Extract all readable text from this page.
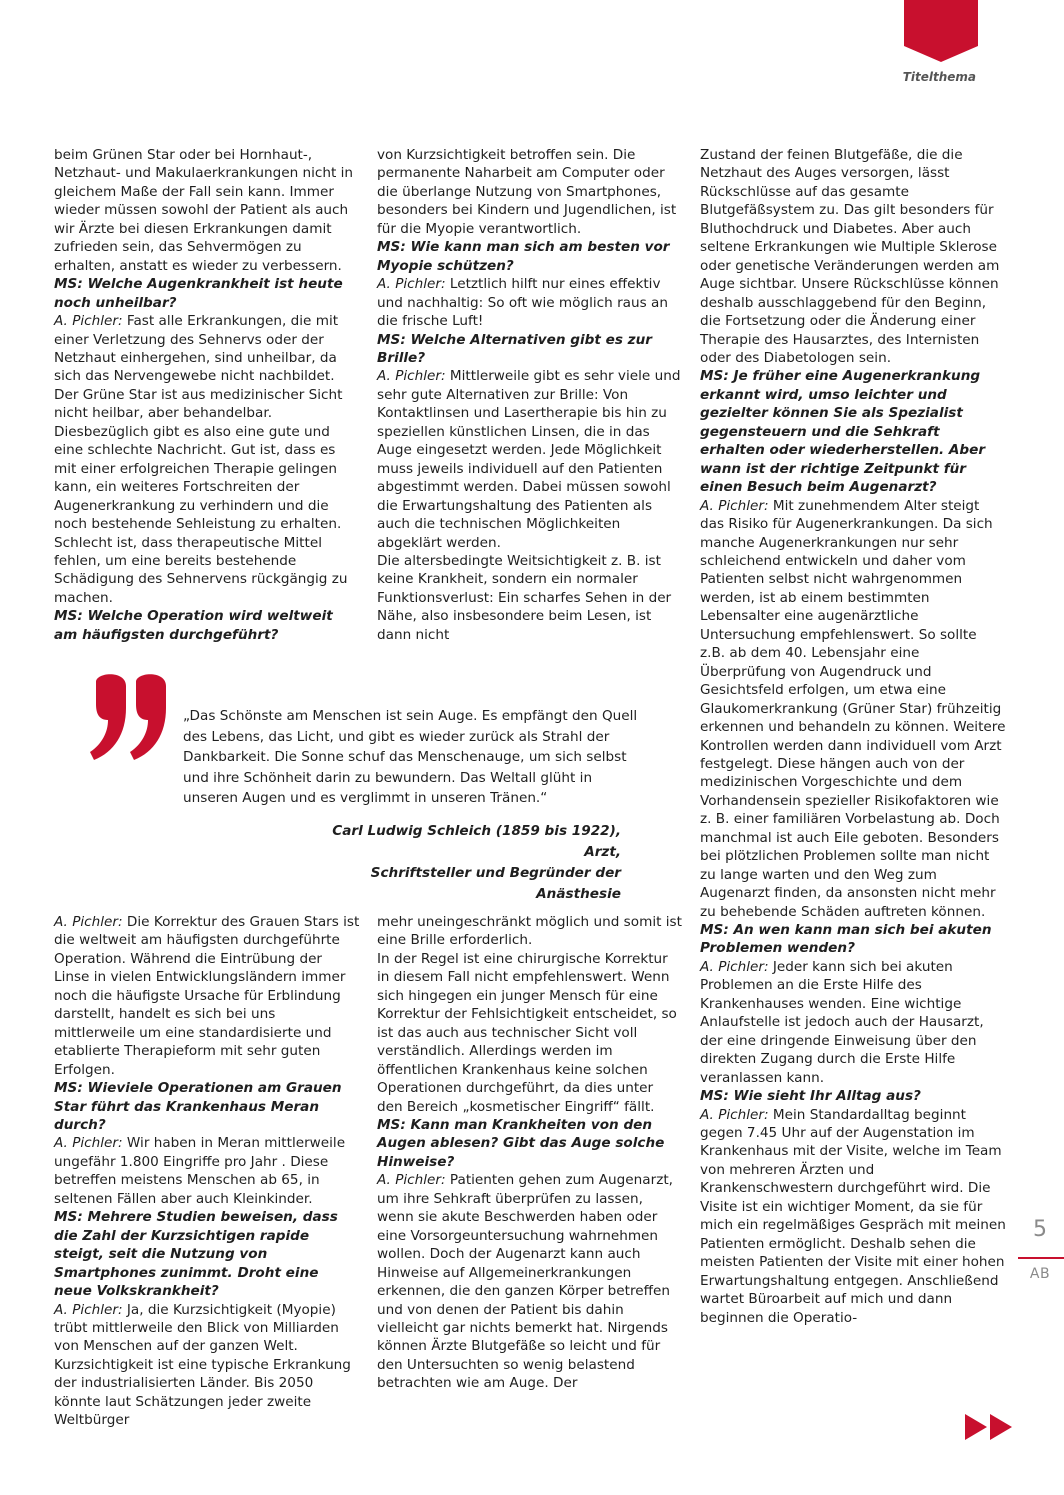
Titelthema

beim Grünen Star oder bei Hornhaut-, Netzhaut- und Makulaerkrankungen nicht in gleichem Maße der Fall sein kann. Immer wieder müssen sowohl der Patient als auch wir Ärzte bei diesen Erkrankungen damit zufrieden sein, das Sehvermögen zu erhalten, anstatt es wieder zu verbessern.

MS: Welche Augenkrankheit ist heute noch unheilbar?

A. Pichler: Fast alle Erkrankungen, die mit einer Verletzung des Sehnervs oder der Netzhaut einhergehen, sind unheilbar, da sich das Nervengewebe nicht nachbildet. Der Grüne Star ist aus medizinischer Sicht nicht heilbar, aber behandelbar. Diesbezüglich gibt es also eine gute und eine schlechte Nachricht. Gut ist, dass es mit einer erfolgreichen Therapie gelingen kann, ein weiteres Fortschreiten der Augenerkrankung zu verhindern und die noch bestehende Sehleistung zu erhalten. Schlecht ist, dass therapeutische Mittel fehlen, um eine bereits bestehende Schädigung des Sehnervens rückgängig zu machen.

MS: Welche Operation wird weltweit am häufigsten durchgeführt?

von Kurzsichtigkeit betroffen sein. Die permanente Naharbeit am Computer oder die überlange Nutzung von Smartphones, besonders bei Kindern und Jugendlichen, ist für die Myopie verantwortlich.

MS: Wie kann man sich am besten vor Myopie schützen?

A. Pichler: Letztlich hilft nur eines effektiv und nachhaltig: So oft wie möglich raus an die frische Luft!

MS: Welche Alternativen gibt es zur Brille?

A. Pichler: Mittlerweile gibt es sehr viele und sehr gute Alternativen zur Brille: Von Kontaktlinsen und Lasertherapie bis hin zu speziellen künstlichen Linsen, die in das Auge eingesetzt werden. Jede Möglichkeit muss jeweils individuell auf den Patienten abgestimmt werden. Dabei müssen sowohl die Erwartungshaltung des Patienten als auch die technischen Möglichkeiten abgeklärt werden.

Die altersbedingte Weitsichtigkeit z. B. ist keine Krankheit, sondern ein normaler Funktionsverlust: Ein scharfes Sehen in der Nähe, also insbesondere beim Lesen, ist dann nicht

Zustand der feinen Blutgefäße, die die Netzhaut des Auges versorgen, lässt Rückschlüsse auf das gesamte Blutgefäßsystem zu. Das gilt besonders für Bluthochdruck und Diabetes. Aber auch seltene Erkrankungen wie Multiple Sklerose oder genetische Veränderungen werden am Auge sichtbar. Unsere Rückschlüsse können deshalb ausschlaggebend für den Beginn, die Fortsetzung oder die Änderung einer Therapie des Hausarztes, des Internisten oder des Diabetologen sein.

MS: Je früher eine Augenerkrankung erkannt wird, umso leichter und gezielter können Sie als Spezialist gegensteuern und die Sehkraft erhalten oder wiederherstellen. Aber wann ist der richtige Zeitpunkt für einen Besuch beim Augenarzt?

A. Pichler: Mit zunehmendem Alter steigt das Risiko für Augenerkrankungen. Da sich manche Augenerkrankungen nur sehr schleichend entwickeln und daher vom Patienten selbst nicht wahrgenommen werden, ist ab einem bestimmten Lebensalter eine augenärztliche Untersuchung empfehlenswert. So sollte z.B. ab dem 40. Lebensjahr eine Überprüfung von Augendruck und Gesichtsfeld erfolgen, um etwa eine Glaukomerkrankung (Grüner Star) frühzeitig erkennen und behandeln zu können. Weitere Kontrollen werden dann individuell vom Arzt festgelegt. Diese hängen auch von der medizinischen Vorgeschichte und dem Vorhandensein spezieller Risikofaktoren wie z. B. einer familiären Vorbelastung ab. Doch manchmal ist auch Eile geboten. Besonders bei plötzlichen Problemen sollte man nicht zu lange warten und den Weg zum Augenarzt finden, da ansonsten nicht mehr zu behebende Schäden auftreten können.

MS: An wen kann man sich bei akuten Problemen wenden?

A. Pichler: Jeder kann sich bei akuten Problemen an die Erste Hilfe des Krankenhauses wenden. Eine wichtige Anlaufstelle ist jedoch auch der Hausarzt, der eine dringende Einweisung über den direkten Zugang durch die Erste Hilfe veranlassen kann.

MS: Wie sieht Ihr Alltag aus?

A. Pichler: Mein Standardalltag beginnt gegen 7.45 Uhr auf der Augenstation im Krankenhaus mit der Visite, welche im Team von mehreren Ärzten und Krankenschwestern durchgeführt wird. Die Visite ist ein wichtiger Moment, da sie für mich ein regelmäßiges Gespräch mit meinen Patienten ermöglicht. Deshalb sehen die meisten Patienten der Visite mit einer hohen Erwartungshaltung entgegen. Anschließend wartet Büroarbeit auf mich und dann beginnen die Operatio-

„Das Schönste am Menschen ist sein Auge. Es empfängt den Quell des Lebens, das Licht, und gibt es wieder zurück als Strahl der Dankbarkeit. Die Sonne schuf das Menschenauge, um sich selbst und ihre Schönheit darin zu bewundern. Das Weltall glüht in unseren Augen und es verglimmt in unseren Tränen.“
Carl Ludwig Schleich (1859 bis 1922), Arzt,
Schriftsteller und Begründer der Anästhesie

A. Pichler: Die Korrektur des Grauen Stars ist die weltweit am häufigsten durchgeführte Operation. Während die Eintrübung der Linse in vielen Entwicklungsländern immer noch die häufigste Ursache für Erblindung darstellt, handelt es sich bei uns mittlerweile um eine standardisierte und etablierte Therapieform mit sehr guten Erfolgen.

MS: Wieviele Operationen am Grauen Star führt das Krankenhaus Meran durch?

A. Pichler: Wir haben in Meran mittlerweile ungefähr 1.800 Eingriffe pro Jahr . Diese betreffen meistens Menschen ab 65, in seltenen Fällen aber auch Kleinkinder.

MS: Mehrere Studien beweisen, dass die Zahl der Kurzsichtigen rapide steigt, seit die Nutzung von Smartphones zunimmt. Droht eine neue Volkskrankheit?

A. Pichler: Ja, die Kurzsichtigkeit (Myopie) trübt mittlerweile den Blick von Milliarden von Menschen auf der ganzen Welt. Kurzsichtigkeit ist eine typische Erkrankung der industrialisierten Länder. Bis 2050 könnte laut Schätzungen jeder zweite Weltbürger

mehr uneingeschränkt möglich und somit ist eine Brille erforderlich.

In der Regel ist eine chirurgische Korrektur in diesem Fall nicht empfehlenswert. Wenn sich hingegen ein junger Mensch für eine Korrektur der Fehlsichtigkeit entscheidet, so ist das auch aus technischer Sicht voll verständlich. Allerdings werden im öffentlichen Krankenhaus keine solchen Operationen durchgeführt, da dies unter den Bereich „kosmetischer Eingriff“ fällt.

MS: Kann man Krankheiten von den Augen ablesen? Gibt das Auge solche Hinweise?

A. Pichler: Patienten gehen zum Augenarzt, um ihre Sehkraft überprüfen zu lassen, wenn sie akute Beschwerden haben oder eine Vorsorgeuntersuchung wahrnehmen wollen. Doch der Augenarzt kann auch Hinweise auf Allgemeinerkrankungen erkennen, die den ganzen Körper betreffen und von denen der Patient bis dahin vielleicht gar nichts bemerkt hat. Nirgends können Ärzte Blutgefäße so leicht und für den Untersuchten so wenig belastend betrachten wie am Auge. Der

5
AB
